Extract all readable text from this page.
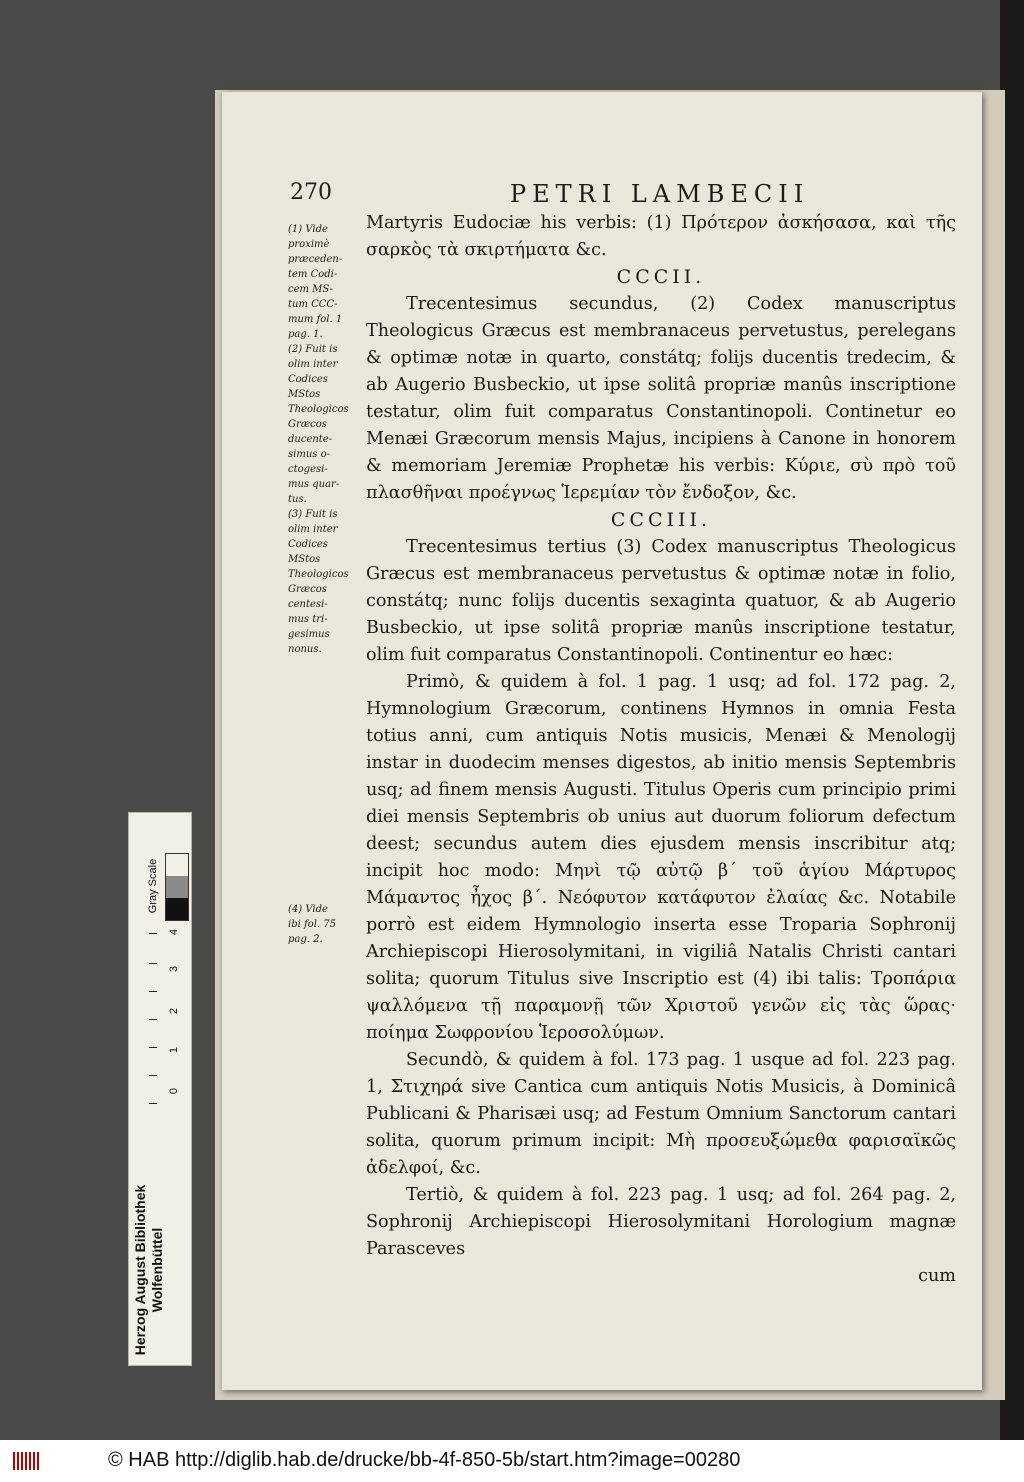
270	PETRI LAMBECII

(1) Vide
proximè
præceden-
tem Codi-
cem MS-
tum CCC-
mum fol. 1
pag. 1.

(2) Fuit is
olim inter
Codices
MStos
Theologicos
Græcos
ducente-
simus o-
ctogesi-
mus quar-
tus.

(3) Fuit is
olim inter
Codices
MStos
Theologicos
Græcos
centesi-
mus tri-
gesimus
nonus.

(4) Vide
ibi fol. 75
pag. 2.

Martyris Eudociæ his verbis: (1) Πρότερον ἀσκήσασα, καὶ τῆς σαρκὸς τὰ σκιρτήματα &c.

CCCII.

Trecentesimus secundus, (2) Codex manuscriptus Theologicus Græcus est membranaceus pervetustus, perelegans & optimæ notæ in quarto, constátq; folijs ducentis tredecim, & ab Augerio Busbeckio, ut ipse solitâ propriæ manûs inscriptione testatur, olim fuit comparatus Constantinopoli. Continetur eo Menæi Græcorum mensis Majus, incipiens à Canone in honorem & memoriam Jeremiæ Prophetæ his verbis: Κύριε, σὺ πρὸ τοῦ πλασθῆναι προέγνως Ἱερεμίαν τὸν ἔνδοξον, &c.

CCCIII.

Trecentesimus tertius (3) Codex manuscriptus Theologicus Græcus est membranaceus pervetustus & optimæ notæ in folio, constátq; nunc folijs ducentis sexaginta quatuor, & ab Augerio Busbeckio, ut ipse solitâ propriæ manûs inscriptione testatur, olim fuit comparatus Constantinopoli. Continentur eo hæc:

Primò, & quidem à fol. 1 pag. 1 usq; ad fol. 172 pag. 2, Hymnologium Græcorum, continens Hymnos in omnia Festa totius anni, cum antiquis Notis musicis, Menæi & Menologij instar in duodecim menses digestos, ab initio mensis Septembris usq; ad finem mensis Augusti. Titulus Operis cum principio primi diei mensis Septembris ob unius aut duorum foliorum defectum deest; secundus autem dies ejusdem mensis inscribitur atq; incipit hoc modo: Μηνὶ τῷ αὐτῷ β΄ τοῦ ἁγίου Μάρτυρος Μάμαντος ἦχος β΄. Νεόφυτον κατάφυτον ἐλαίας &c. Notabile porrò est eidem Hymnologio inserta esse Troparia Sophronij Archiepiscopi Hierosolymitani, in vigiliâ Natalis Christi cantari solita; quorum Titulus sive Inscriptio est (4) ibi talis: Τροπάρια ψαλλόμενα τῇ παραμονῇ τῶν Χριστοῦ γενῶν εἰς τὰς ὥρας· ποίημα Σωφρονίου Ἱεροσολύμων.

Secundò, & quidem à fol. 173 pag. 1 usque ad fol. 223 pag. 1, Στιχηρά sive Cantica cum antiquis Notis Musicis, à Dominicâ Publicani & Pharisæi usq; ad Festum Omnium Sanctorum cantari solita, quorum primum incipit: Μὴ προσευξώμεθα φαρισαϊκῶς ἀδελφοί, &c.

Tertiò, & quidem à fol. 223 pag. 1 usq; ad fol. 264 pag. 2, Sophronij Archiepiscopi Hierosolymitani Horologium magnæ Parasceves

cum

Gray Scale
4
3
2
1
0
Herzog August Bibliothek Wolfenbüttel
© HAB http://diglib.hab.de/drucke/bb-4f-850-5b/start.htm?image=00280
